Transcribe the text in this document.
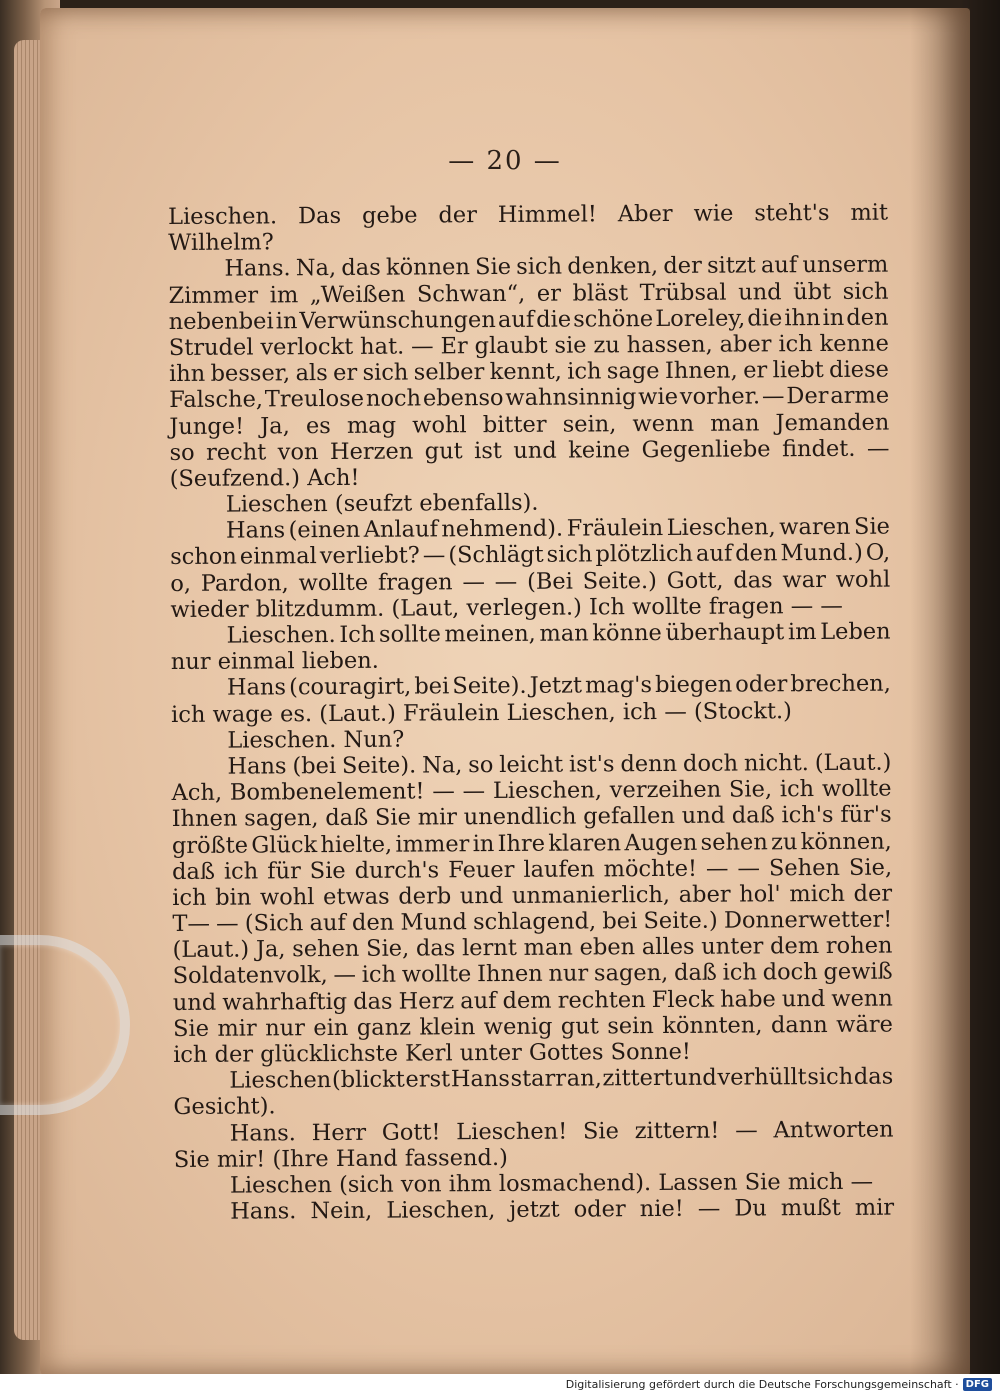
— 20 —
Lieschen. Das gebe der Himmel! Aber wie steht's mit
Wilhelm?
Hans. Na, das können Sie sich denken, der sitzt auf unserm
Zimmer im „Weißen Schwan“, er bläst Trübsal und übt sich
nebenbei in Verwünschungen auf die schöne Loreley, die ihn in den
Strudel verlockt hat. — Er glaubt sie zu hassen, aber ich kenne
ihn besser, als er sich selber kennt, ich sage Ihnen, er liebt diese
Falsche, Treulose noch ebenso wahnsinnig wie vorher. — Der arme
Junge! Ja, es mag wohl bitter sein, wenn man Jemanden
so recht von Herzen gut ist und keine Gegenliebe findet. —
(Seufzend.) Ach!
Lieschen (seufzt ebenfalls).
Hans (einen Anlauf nehmend). Fräulein Lieschen, waren Sie
schon einmal verliebt? — (Schlägt sich plötzlich auf den Mund.) O,
o, Pardon, wollte fragen — — (Bei Seite.) Gott, das war wohl
wieder blitzdumm. (Laut, verlegen.) Ich wollte fragen — —
Lieschen. Ich sollte meinen, man könne überhaupt im Leben
nur einmal lieben.
Hans (couragirt, bei Seite). Jetzt mag's biegen oder brechen,
ich wage es. (Laut.) Fräulein Lieschen, ich — (Stockt.)
Lieschen. Nun?
Hans (bei Seite). Na, so leicht ist's denn doch nicht. (Laut.)
Ach, Bombenelement! — — Lieschen, verzeihen Sie, ich wollte
Ihnen sagen, daß Sie mir unendlich gefallen und daß ich's für's
größte Glück hielte, immer in Ihre klaren Augen sehen zu können,
daß ich für Sie durch's Feuer laufen möchte! — — Sehen Sie,
ich bin wohl etwas derb und unmanierlich, aber hol' mich der
T— — (Sich auf den Mund schlagend, bei Seite.) Donnerwetter!
(Laut.) Ja, sehen Sie, das lernt man eben alles unter dem rohen
Soldatenvolk, — ich wollte Ihnen nur sagen, daß ich doch gewiß
und wahrhaftig das Herz auf dem rechten Fleck habe und wenn
Sie mir nur ein ganz klein wenig gut sein könnten, dann wäre
ich der glücklichste Kerl unter Gottes Sonne!
Lieschen (blickt erst Hans starr an, zittert und verhüllt sich das
Gesicht).
Hans. Herr Gott! Lieschen! Sie zittern! — Antworten
Sie mir! (Ihre Hand fassend.)
Lieschen (sich von ihm losmachend). Lassen Sie mich —
Hans. Nein, Lieschen, jetzt oder nie! — Du mußt mir
Digitalisierung gefördert durch die Deutsche Forschungsgemeinschaft · DFG
